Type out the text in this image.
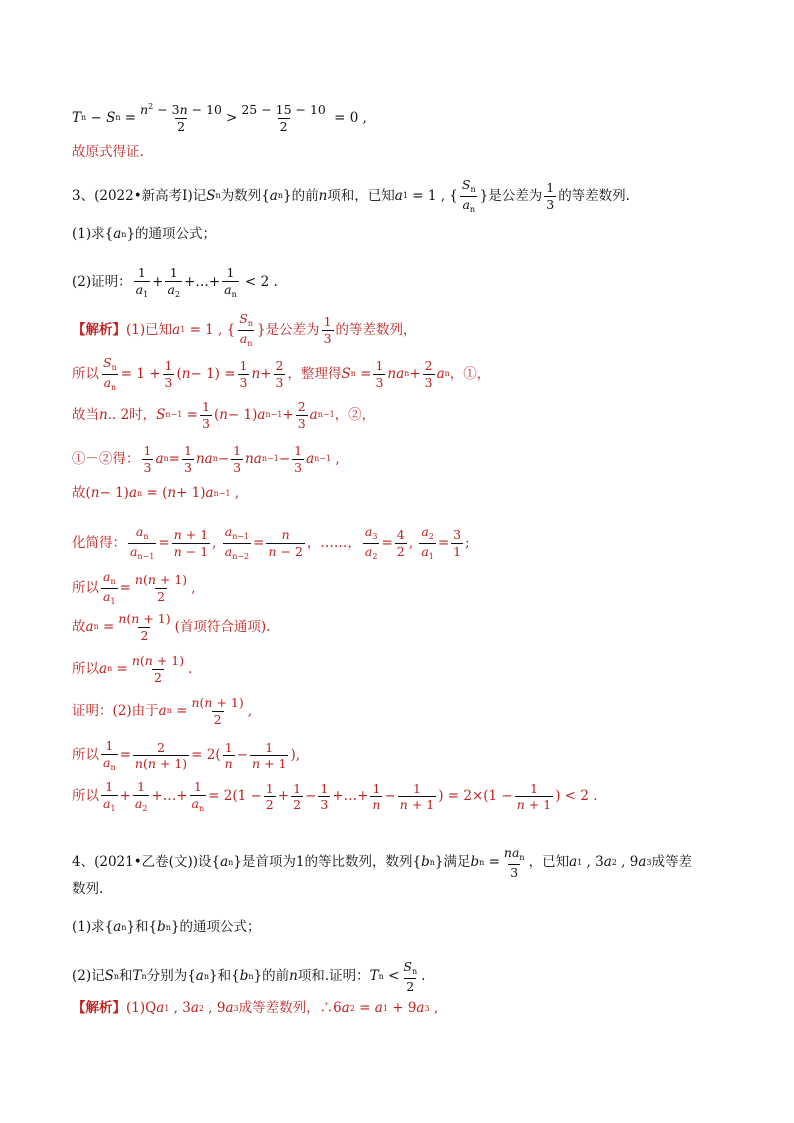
T n − S $n = \frac{n^2 - 3n - 10}{2} > \frac{25 - 15 - 10}{2} = 0$ ,
故原式得证.
3、(2022•新高考Ⅰ)记 S n 为数列 { a n } 的前 n 项和，已知 a 1 = 1 , { $\frac{S_n}{a_n}$ } 是公差为 $\frac{1}{3}$ 的等差数列.
(1)求{ a n }的通项公式；
(2)证明： $\frac{1}{a_1} + \frac{1}{a_2}$ +…+ $\frac{1}{a_n} < 2$ .
【解析】 (1)已知 a 1 = 1 , { $\frac{S_n}{a_n}$ } 是公差为 $\frac{1}{3}$ 的等差数列，
所以 $\frac{S_n}{a_n} = 1 + \frac{1}{3}$ ( $n - 1) = \frac{1}{3}$ $n + \frac{2}{3}$ ，整理得 S $n = \frac{1}{3}$ na $n + \frac{2}{3}$ a n ，①，
故当 n .. 2时， S $n-1 = \frac{1}{3}$ ( n − 1) a $n-1 + \frac{2}{3}$ a n−1 ，②，
①－②得： $\frac{1}{3}$ a $n = \frac{1}{3}$ na $n - \frac{1}{3}$ na $n-1 - \frac{1}{3}$ a n−1 ,
故 ( n − 1) a n = ( n + 1) a n−1 ,
化简得： $\frac{a_n}{a_{n-1}} = \frac{n + 1}{n - 1}$ , $\frac{a_{n-1}}{a_{n-2}} = \frac{n}{n - 2}$ ，……， $\frac{a_3}{a_2} = \frac{4}{2}$ , $\frac{a_2}{a_1} = \frac{3}{1}$ ;
所以 $\frac{a_n}{a_1} = \frac{n(n + 1)}{2}$ ,
故 a $n = \frac{n(n + 1)}{2}$ (首项符合通项).
所以 a $n = \frac{n(n + 1)}{2}$ .
证明：(2)由于 a $n = \frac{n(n + 1)}{2}$ ,
所以 $\frac{1}{a_n} = \frac{2}{n(n + 1)} = 2( \frac{1}{n} - \frac{1}{n + 1}$ ),
所以 $\frac{1}{a_1} + \frac{1}{a_2}$ +…+ $\frac{1}{a_n} = 2(1 - \frac{1}{2} + \frac{1}{2} - \frac{1}{3}$ +…+ $\frac{1}{n} - \frac{1}{n + 1}$ ) = $2\times(1 - \frac{1}{n + 1}$ ) < 2 .
4、(2021•乙卷(文))设 { a n } 是首项为1的等比数列，数列 { b n } 满足 b $n = \frac{na_n}{3}$ ，已知 a 1 , 3 a 2 , 9 a 3 成等差
数列.
(1)求 { a n } 和 { b n } 的通项公式；
(2)记 S n 和 T n 分别为 { a n } 和 { b n } 的前 n 项和.证明： T $n < \frac{S_n}{2}$ .
【解析】 (1)Q a 1 , 3 a 2 , 9 a 3 成等差数列，∴ 6 a 2 = a 1 + 9 a 3
,
